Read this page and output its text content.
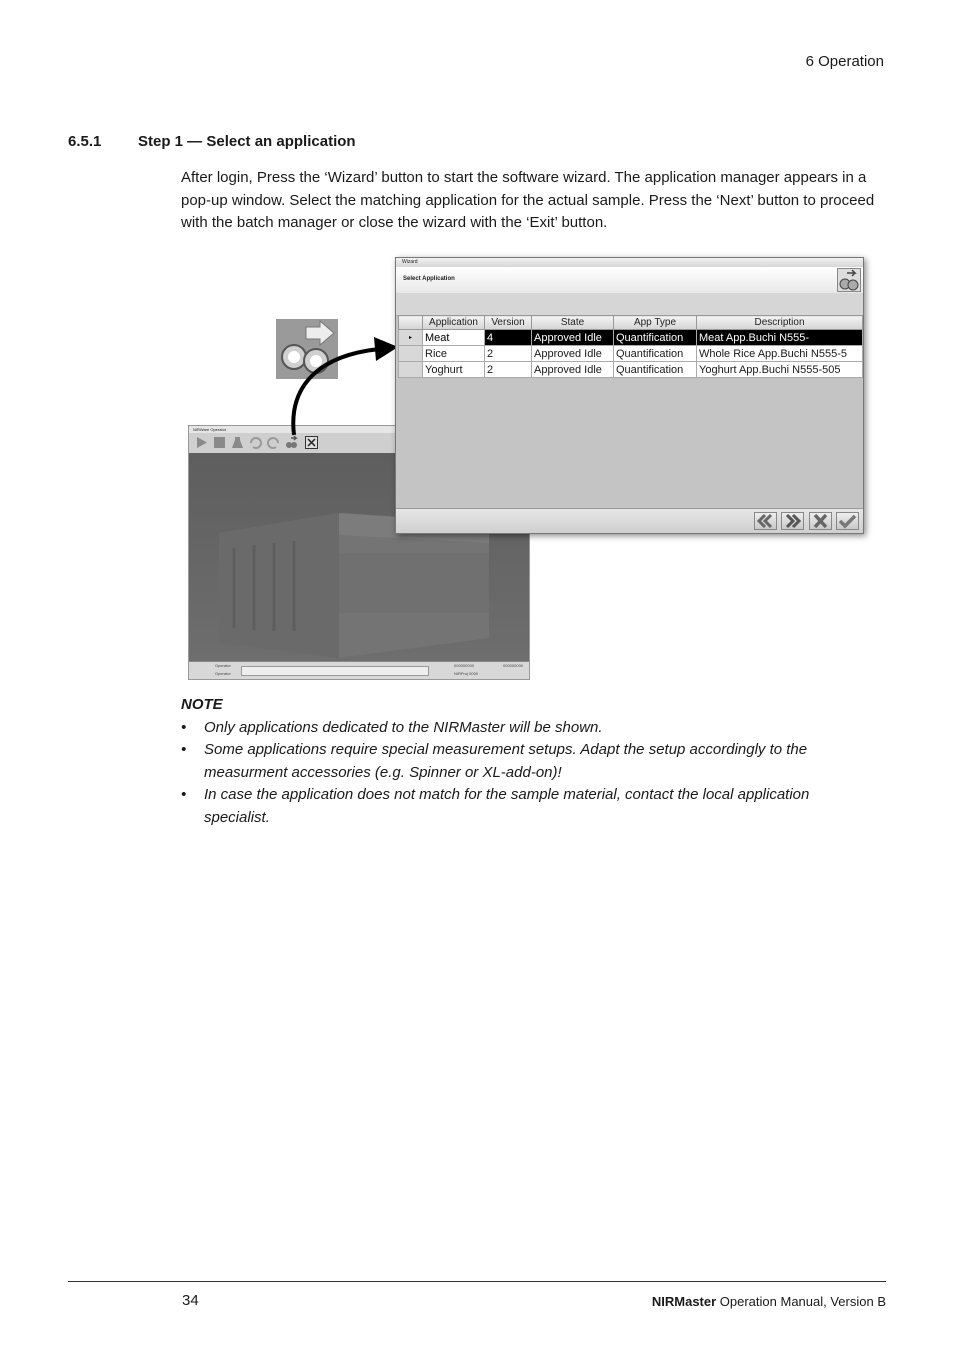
6 Operation
6.5.1 Step 1 — Select an application

After login, Press the ‘Wizard’ button to start the software wizard. The application manager appears in a pop-up window. Select the matching application for the actual sample. Press the ‘Next’ button to proceed with the batch manager or close the wizard with the ‘Exit’ button.

NIRWare Operator
Operator
Operator
000000000
NIRProj 5000
000000000
Wizard
Select Application
	Application	Version	State	App Type	Description
▸	Meat	4	Approved Idle	Quantification	Meat App.Buchi N555-
	Rice	2	Approved Idle	Quantification	Whole Rice App.Buchi N555-5
	Yoghurt	2	Approved Idle	Quantification	Yoghurt App.Buchi N555-505
NOTE
• Only applications dedicated to the NIRMaster will be shown.

• Some applications require special measurement setups. Adapt the setup accordingly to the measurment accessories (e.g. Spinner or XL-add-on)!

• In case the application does not match for the sample material, contact the local application specialist.

34	NIRMaster Operation Manual, Version B
